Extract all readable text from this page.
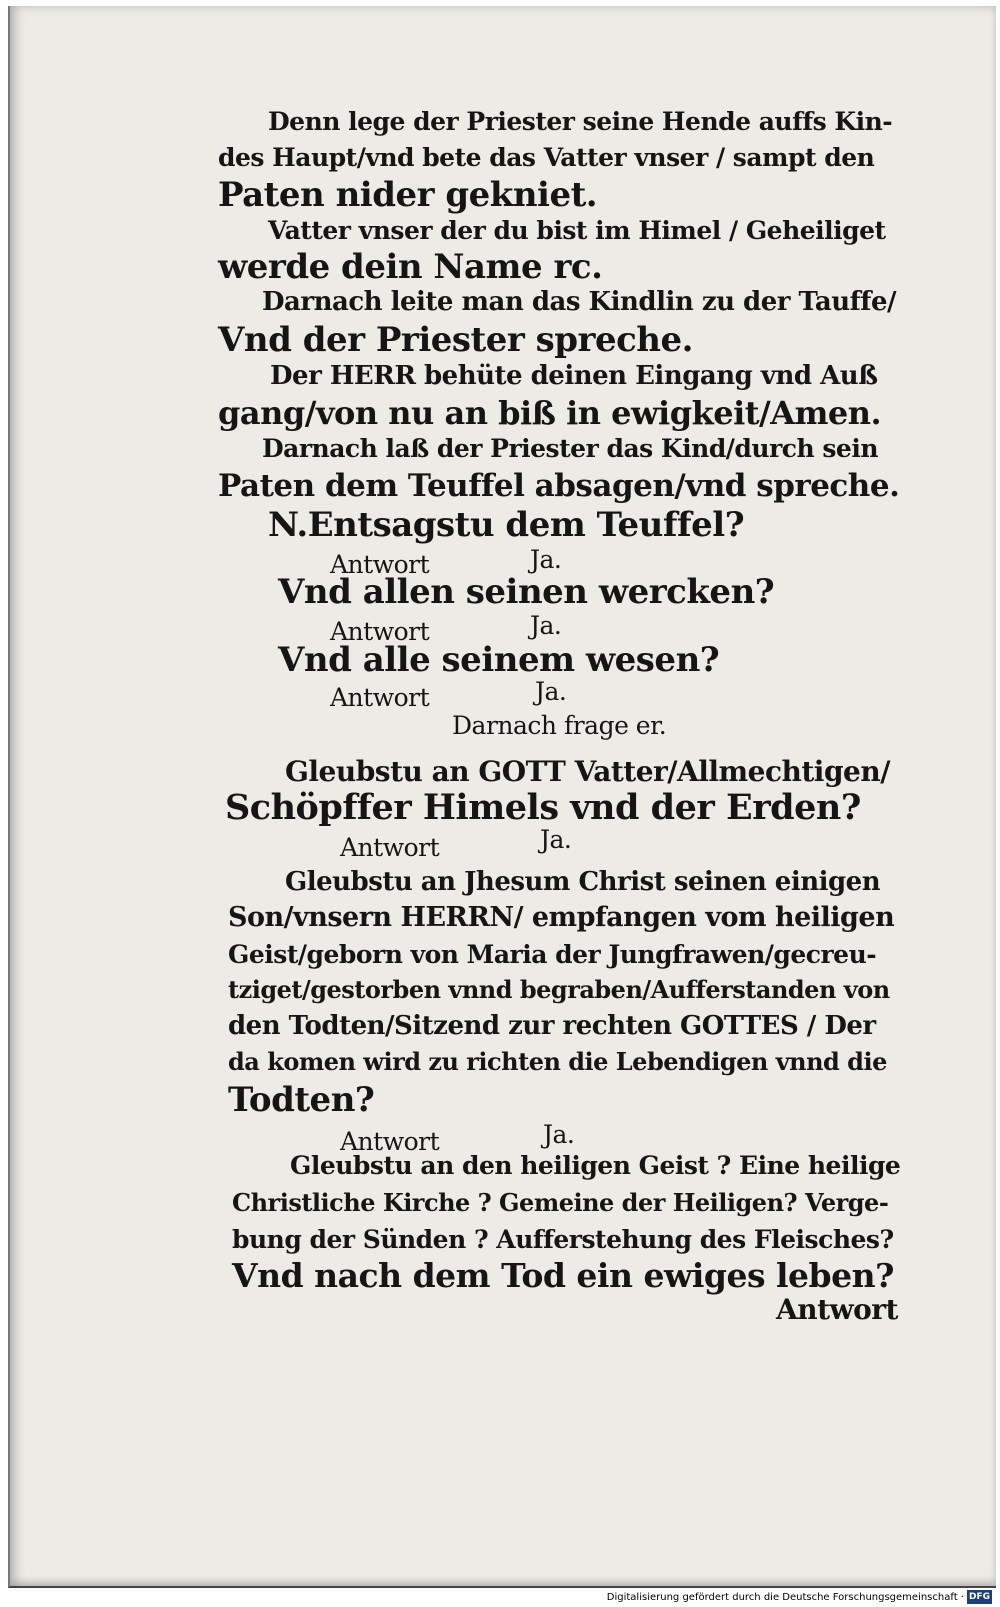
Denn lege der Priester seine Hende auffs Kin-
des Haupt/vnd bete das Vatter vnser / sampt den
Paten nider gekniet.
Vatter vnser der du bist im Himel / Geheiliget
werde dein Name rc.
Darnach leite man das Kindlin zu der Tauffe/
Vnd der Priester spreche.
Der HERR behüte deinen Eingang vnd Auß
gang/von nu an biß in ewigkeit/Amen.
Darnach laß der Priester das Kind/durch sein
Paten dem Teuffel absagen/vnd spreche.
N.Entsagstu dem Teuffel?
Antwort	Ja.
Vnd allen seinen wercken?
Antwort	Ja.
Vnd alle seinem wesen?
Antwort	Ja.
Darnach frage er.
Gleubstu an GOTT Vatter/Allmechtigen/
Schöpffer Himels vnd der Erden?
Antwort	Ja.
Gleubstu an Jhesum Christ seinen einigen
Son/vnsern HERRN/ empfangen vom heiligen
Geist/geborn von Maria der Jungfrawen/gecreu-
tziget/gestorben vnnd begraben/Aufferstanden von
den Todten/Sitzend zur rechten GOTTES / Der
da komen wird zu richten die Lebendigen vnnd die
Todten?
Antwort	Ja.
Gleubstu an den heiligen Geist ? Eine heilige
Christliche Kirche ? Gemeine der Heiligen? Verge-
bung der Sünden ? Aufferstehung des Fleisches?
Vnd nach dem Tod ein ewiges leben?
Antwort
Digitalisierung gefördert durch die Deutsche Forschungsgemeinschaft · DFG
